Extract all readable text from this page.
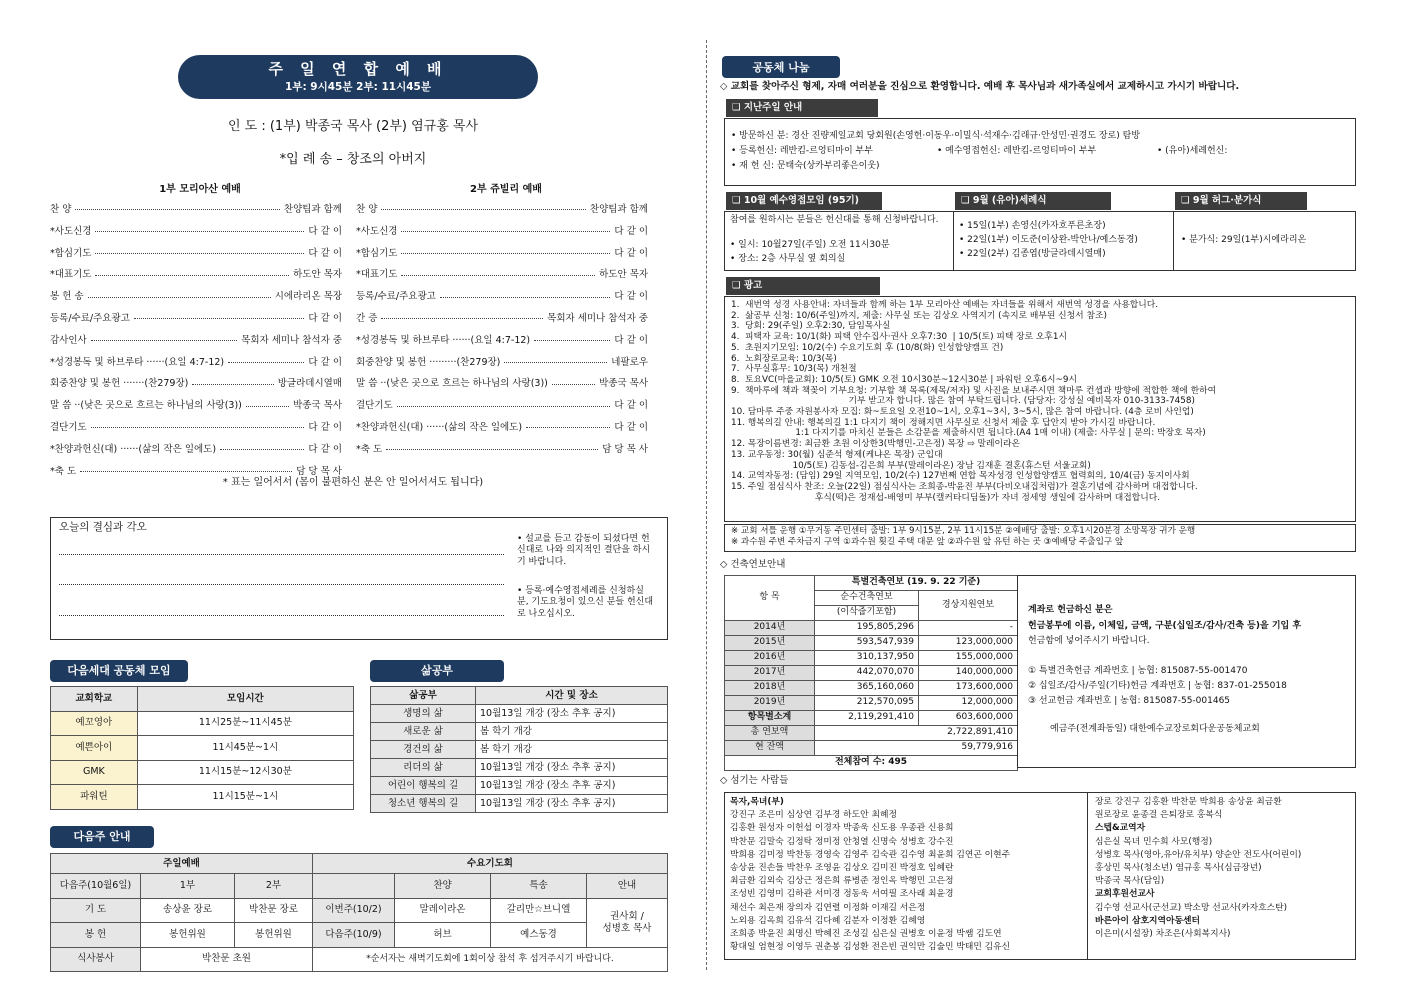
주 일 연 합 예 배
1부: 9시45분 2부: 11시45분
인 도 : (1부) 박종국 목사 (2부) 염규홍 목사
*입 례 송 – 창조의 아버지
1부 모리아산 예배	2부 쥬빌리 예배
찬 양	찬양팀과 함께
*사도신경	다 같 이
*합심기도	다 같 이
*대표기도	하도안 목자
봉 헌 송	시에라리온 목장
등록/수료/주요광고	다 같 이
감사인사	목회자 세미나 참석자 중
*성경봉독 및 하브루타 ······(요일 4:7-12)	다 같 이
회중찬양 및 봉헌 ·······(찬279장)	방글라데시열매
말 씀 ··(낮은 곳으로 흐르는 하나님의 사랑(3))	박종국 목사
결단기도	다 같 이
*찬양과헌신(대) ······(삶의 작은 일에도)	다 같 이
*축 도	담 당 목 사
찬 양	찬양팀과 함께
*사도신경	다 같 이
*합심기도	다 같 이
*대표기도	하도안 목자
등록/수료/주요광고	다 같 이
간 증	목회자 세미나 참석자 중
*성경봉독 및 하브루타 ······(요일 4:7-12)	다 같 이
회중찬양 및 봉헌 ·········(찬279장)	네팔로우
말 씀 ··(낮은 곳으로 흐르는 하나님의 사랑(3))	박종국 목사
결단기도	다 같 이
*찬양과헌신(대) ······(삶의 작은 일에도)	다 같 이
*축 도	담 당 목 사
* 표는 일어서서 (몸이 불편하신 분은 안 일어서셔도 됩니다)
오늘의 결심과 각오
• 설교를 듣고 감동이 되셨다면 헌신대로 나와 의지적인 결단을 하시기 바랍니다.
• 등록·예수영접세례를 신청하실 분, 기도요청이 있으신 분들 헌신대로 나오십시오.
다음세대 공동체 모임
교회학교	모임시간
예꼬영아	11시25분~11시45분
예쁜아이	11시45분~1시
GMK	11시15분~12시30분
파워틴	11시15분~1시
삶공부
삶공부	시간 및 장소
생명의 삶	10월13일 개강 (장소 추후 공지)
새로운 삶	봄 학기 개강
경건의 삶	봄 학기 개강
리더의 삶	10월13일 개강 (장소 추후 공지)
어린이 행복의 길	10월13일 개강 (장소 추후 공지)
청소년 행복의 길	10월13일 개강 (장소 추후 공지)
다음주 안내
주일예배			수요기도회			
다음주(10월6일)	1부	2부		찬양	특송	안내
기 도	송상윤 장로	박찬문 장로	이번주(10/2)	말레이라온	갈리만☆브니엘	권사회 /
성병호 목사
봉 헌	봉헌위원	봉헌위원	다음주(10/9)	허브	예스동경	
식사봉사	박찬문 초원		*순서자는 새벽기도회에 1회이상 참석 후 섬겨주시기 바랍니다.			
공동체 나눔
◇ 교회를 찾아주신 형제, 자매 여러분을 진심으로 환영합니다. 예배 후 목사님과 새가족실에서 교제하시고 가시기 바랍니다.
❑ 지난주일 안내
• 방문하신 분: 경산 진량제일교회 당회원(손영헌·이동우·이밀식·석재수·김래규·안성민·권경도 장로) 탐방
• 등록헌신: 레반킴-르엉티마이 부부	• 예수영접헌신: 레반킴-르엉티마이 부부	• (유아)세례헌신:
• 재 헌 신: 문태숙(상카부리좋은이웃)
❑ 10월 예수영접모임 (95기)	❑ 9월 (유아)세례식	❑ 9월 허그·분가식
참여를 원하시는 분들은 헌신대를 통해 신청바랍니다.
• 일시: 10월27일(주일) 오전 11시30분
• 장소: 2층 사무실 옆 회의실
• 15일(1부) 손영신(카자흐푸른초장)
• 22일(1부) 이도준(이상완-박안나/예스동경)
• 22일(2부) 김종엽(방글라데시열매)
• 분가식: 29일(1부)시에라리온
❑ 광고
1.  새번역 성경 사용안내: 자녀들과 함께 하는 1부 모리아산 예배는 자녀들을 위해서 새번역 성경을 사용합니다.
2.  삶공부 신청: 10/6(주일)까지, 제출: 사무실 또는 김상오 사역지기 (속지로 배부된 신청서 참조)
3.  당회: 29(주일) 오후2:30, 담임목사실
4.  피택자 교육: 10/1(화) 피택 안수집사·권사 오후7:30  | 10/5(토) 피택 장로 오후1시
5.  초원지기모임: 10/2(수) 수요기도회 후 (10/8(화) 인성합양캠프 건)
6.  노회장로교육: 10/3(목)
7.  사무실휴무: 10/3(목) 개천절
8.  토요VC(마을교회): 10/5(토) GMK 오전 10시30분~12시30분 | 파워틴 오후6시~9시
9.  책마루에 책과 책꽂이 기부요청: 기부할 책 목록(제목/저자) 및 사진을 보내주시면 책마루 컨셉과 방향에 적합한 책에 한하여
기부 받고자 합니다. 많은 참여 부탁드립니다. (담당자: 강성실 예비목자 010-3133-7458)
10. 담마루 주중 자원봉사자 모집: 화~토요일 오전10~1시, 오후1~3시, 3~5시, 많은 참여 바랍니다. (4층 로비 사인업)
11. 행복의길 안내: 행복의길 1:1 다지기 책이 정해지면 사무실로 신청서 제출 후 답안지 받아 가시길 바랍니다.
1:1 다지기를 마치신 분들은 소감문을 제출하시면 됩니다.(A4 1매 이내) (제출: 사무실 | 문의: 박장호 목자)
12. 목장이름변경: 최금환 초원 이상한3(박행민-고은정) 목장 ⇨ 말레이라온
13. 교우동정: 30(월) 심준석 형제(케냐온 목장) 군입대
10/5(토) 김동섭-김은희 부부(말레이라온) 장남 김재훈 결혼(휴스턴 서울교회)
14. 교역자동정: (담임) 29일 지역모임, 10/2(수) 127번째 연합 목자성경 인성합양캠프 협력회의, 10/4(금) 동지이사회
15. 주일 점심식사 찬조: 오늘(22일) 점심식사는 조희종-박윤진 부부(다비오내집처럼)가 결혼기념에 감사하며 대접합니다.
후식(떡)은 정재섭-배영미 부부(캘커타디딤돌)가 자녀 정세영 생일에 감사하며 대접합니다.
※ 교회 셔틀 운행 ①무거동 주민센터 출발: 1부 9시15분, 2부 11시15분 ②예배당 출발: 오후1시20분경 소망목장 귀가 운행
※ 과수원 주변 주차금지 구역 ①과수원 횟길 주택 대문 앞 ②과수원 앞 유턴 하는 곳 ③예배당 주출입구 앞
◇ 건축연보안내
항 목	특별건축연보 (19. 9. 22 기준)	
	순수건축연보	경상지원연보
	(이삭줍기포함)	
2014년	195,805,296	-
2015년	593,547,939	123,000,000
2016년	310,137,950	155,000,000
2017년	442,070,070	140,000,000
2018년	365,160,060	173,600,000
2019년	212,570,095	12,000,000
항목별소계	2,119,291,410	603,600,000
총 연보액	2,722,891,410	
현 잔액	59,779,916	
전체참여 수: 495		
계좌로 헌금하신 분은
헌금봉투에 이름, 이체일, 금액, 구분(십일조/감사/건축 등)을 기입 후
헌금함에 넣어주시기 바랍니다.
① 특별건축헌금 계좌번호 | 농협: 815087-55-001470
② 십일조/감사/주일(기타)헌금 계좌번호 | 농협: 837-01-255018
③ 선교헌금 계좌번호 | 농협: 815087-55-001465
예금주(전계좌동일) 대한예수교장로회다운공동체교회
◇ 섬기는 사람들
목자,목녀(부)
강진구 조은미 심상연 김부경 하도안 최혜정
김홍환 원성자 이헌섭 이경자 박종욱 신도용 우종관 신용희
박찬문 김말숙 김정탁 정미정 안청열 신명숙 성병호 강수진
박희용 김미정 박찬동 경영숙 김영주 김숙관 김수영 최윤희 김연곤 이현주
송상윤 진손들 박찬우 조영윤 김상오 김미진 박정호 임혜란
최금환 김외숙 김상근 정은희 류병준 정인옥 박행민 고은정
조성빈 김영미 김하관 서미경 정동욱 서여필 조사래 최윤경
채선수 최은재 장의자 김연렬 이정화 이재길 서은정
노외용 김옥희 김유석 김다혜 김분자 이정환 김혜영
조희종 박윤진 최명신 박혜진 조성길 심은실 권병호 이윤정 박쌤 김도연
황대일 엄현정 이영두 권춘봉 김성환 전은빈 권익만 김술민 박태민 김유신
장로 강진구 김홍환 박찬문 박희용 송상윤 최금환
원로장로 윤종걸 은퇴장로 홍복식
스텝&교역자
심은실 목녀 민수희 사모(행정)
성병호 목사(영아,유아/유치부) 양순안 전도사(어린이)
홍상민 목사(청소년) 염규홍 목사(심금장년)
박종국 목사(담임)
교회후원선교사
김수영 선교사(군선교) 박소망 선교사(카자흐스탄)
바른아이 삼호지역아동센터
이은미(시설장) 차조은(사회복지사)
